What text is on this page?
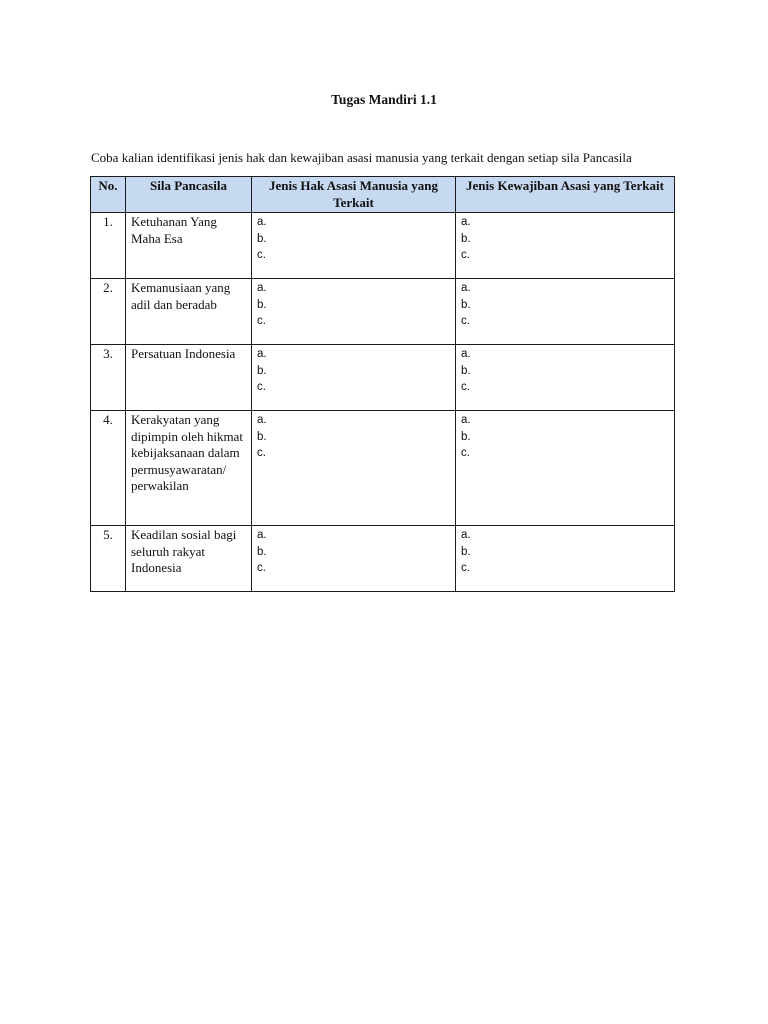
Tugas Mandiri 1.1
Coba kalian identifikasi jenis hak dan kewajiban asasi manusia yang terkait dengan setiap sila Pancasila
No.	Sila Pancasila	Jenis Hak Asasi Manusia yang Terkait	Jenis Kewajiban Asasi yang Terkait
1.	Ketuhanan Yang Maha Esa	a.
b.
c.	a.
b.
c.

2.	Kemanusiaan yang adil dan beradab	a.
b.
c.	a.
b.
c.

3.	Persatuan Indonesia	a.
b.
c.	a.
b.
c.

4.	Kerakyatan yang dipimpin oleh hikmat kebijaksanaan dalam permusyawaratan/ perwakilan	a.
b.
c.	a.
b.
c.

5.	Keadilan sosial bagi seluruh rakyat Indonesia	a.
b.
c.	a.
b.
c.
